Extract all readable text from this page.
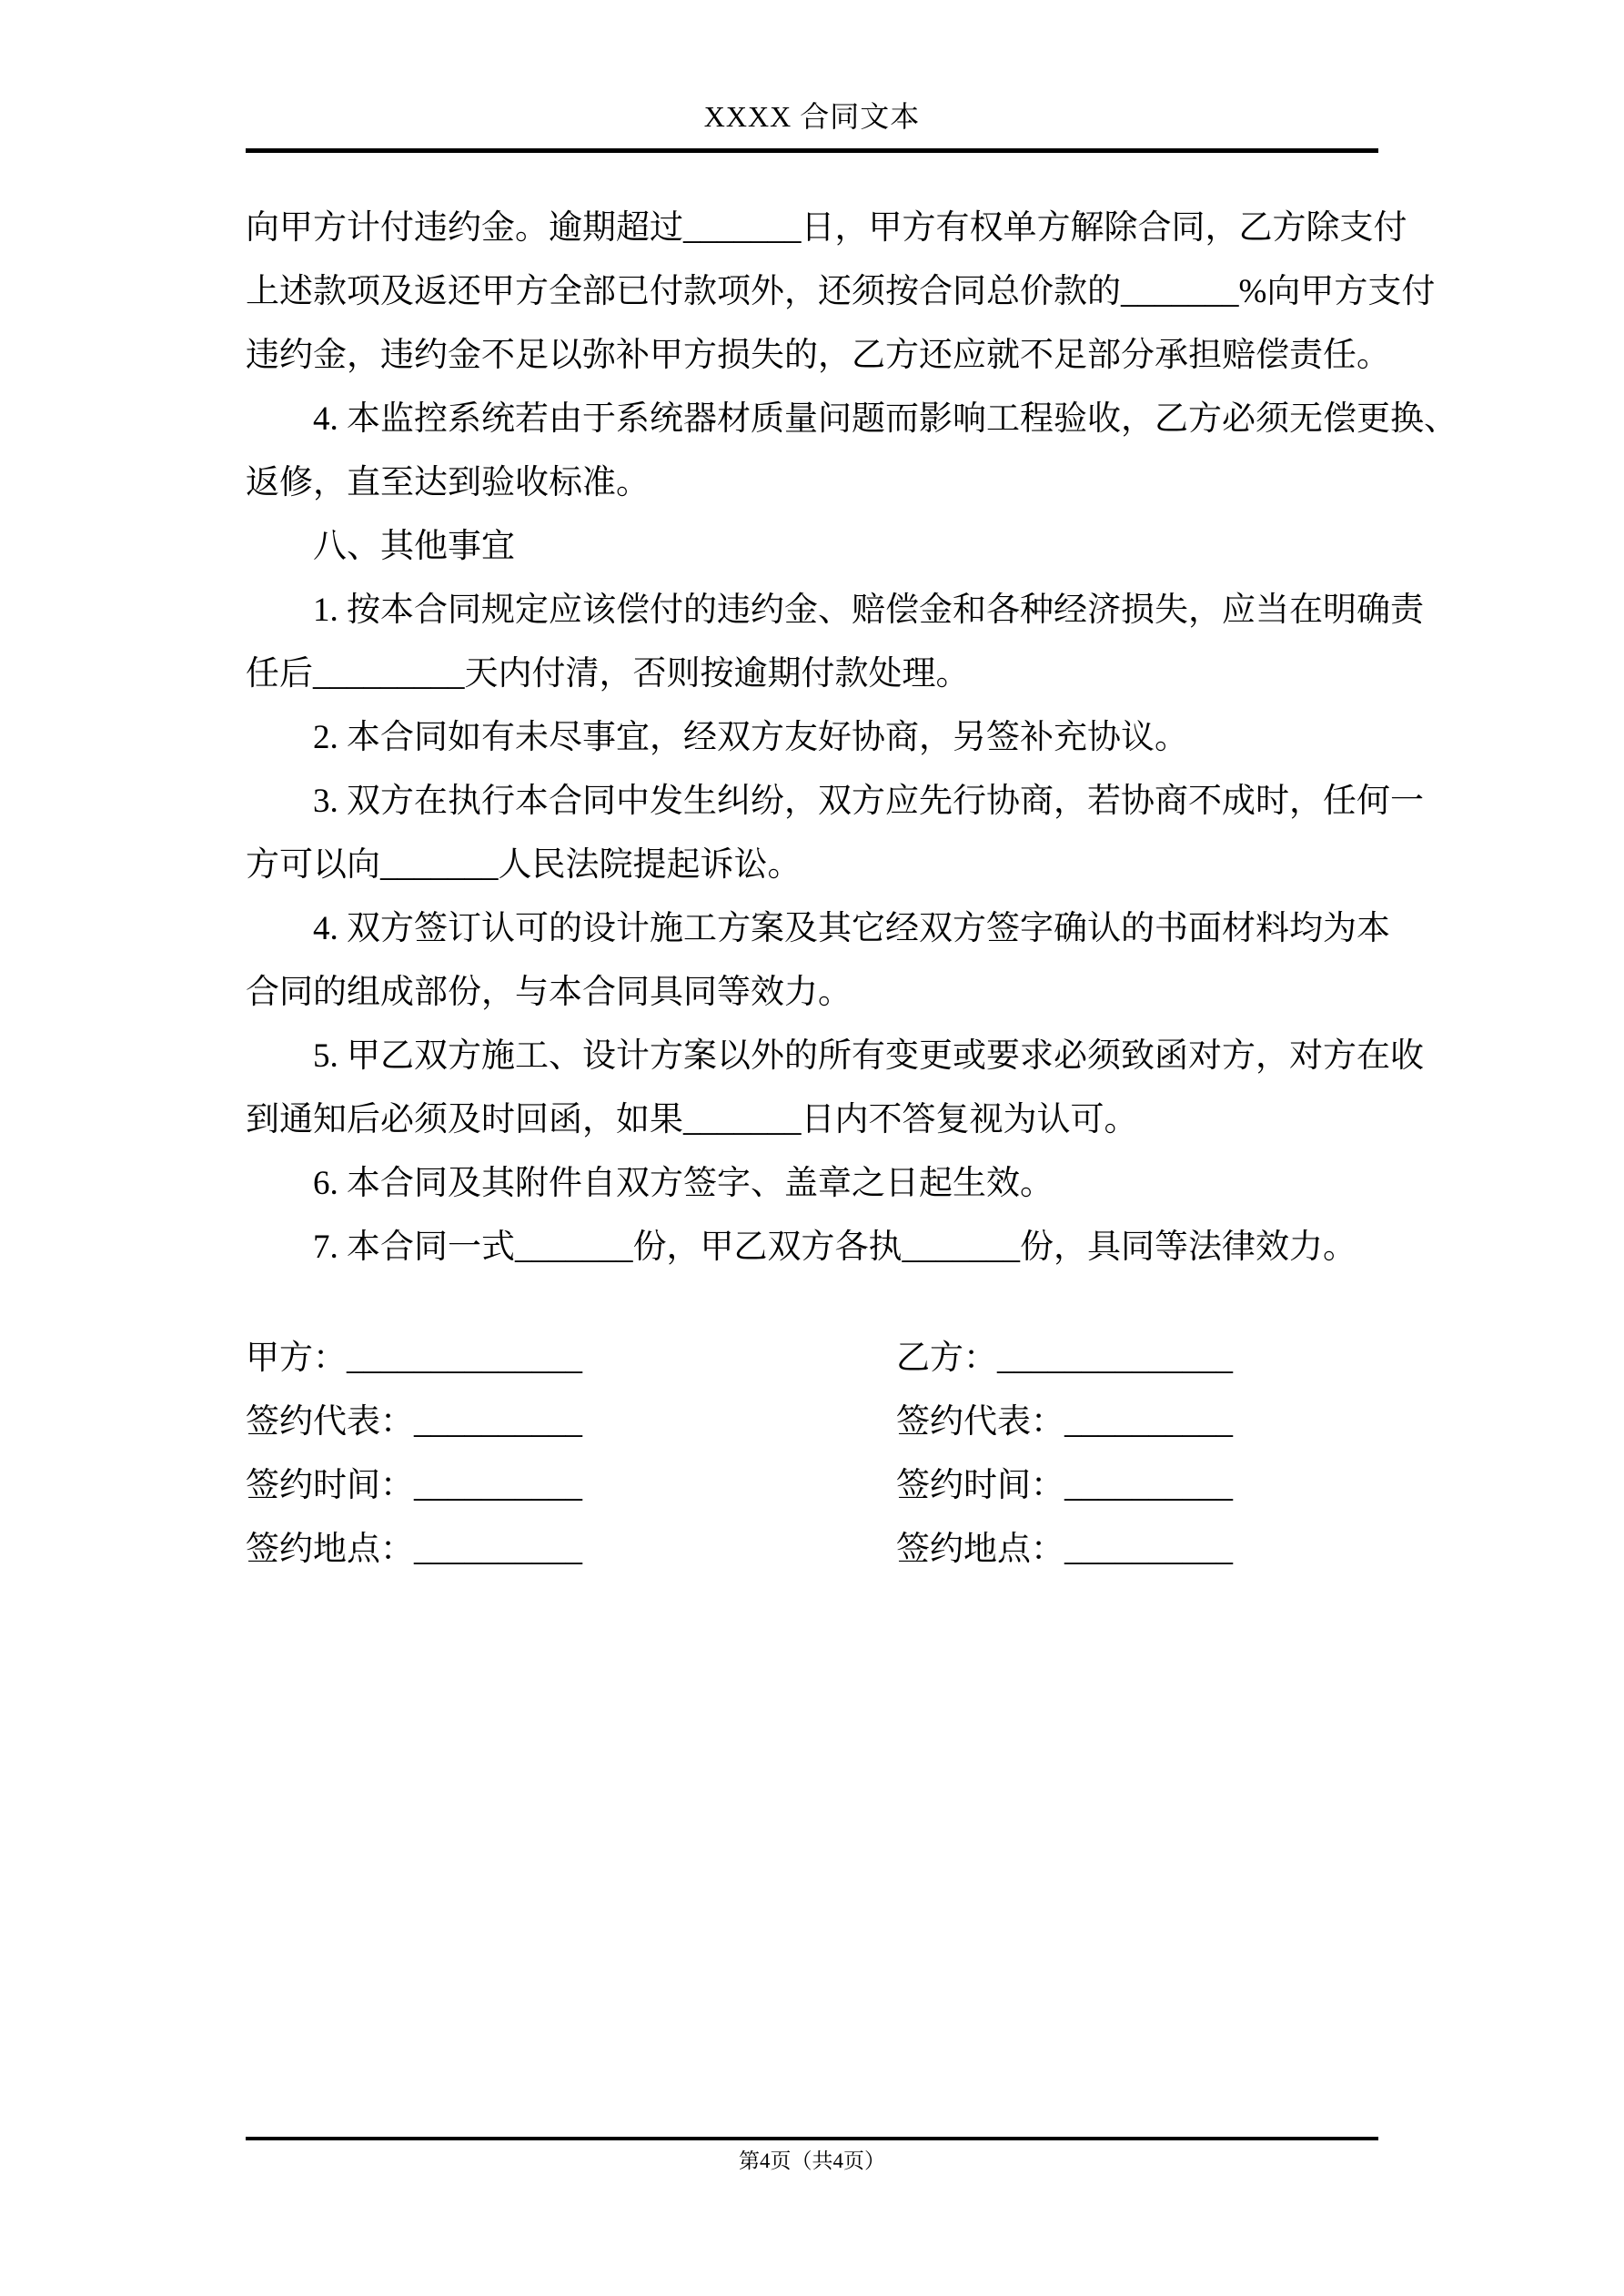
XXXX 合同文本
向甲方计付违约金。逾期超过_______日，甲方有权单方解除合同，乙方除支付
上述款项及返还甲方全部已付款项外，还须按合同总价款的_______%向甲方支付
违约金，违约金不足以弥补甲方损失的，乙方还应就不足部分承担赔偿责任。
4. 本监控系统若由于系统器材质量问题而影响工程验收，乙方必须无偿更换、
返修，直至达到验收标准。
八、其他事宜
1. 按本合同规定应该偿付的违约金、赔偿金和各种经济损失，应当在明确责
任后_________天内付清，否则按逾期付款处理。
2. 本合同如有未尽事宜，经双方友好协商，另签补充协议。
3. 双方在执行本合同中发生纠纷，双方应先行协商，若协商不成时，任何一
方可以向_______人民法院提起诉讼。
4. 双方签订认可的设计施工方案及其它经双方签字确认的书面材料均为本
合同的组成部份，与本合同具同等效力。
5. 甲乙双方施工、设计方案以外的所有变更或要求必须致函对方，对方在收
到通知后必须及时回函，如果_______日内不答复视为认可。
6. 本合同及其附件自双方签字、盖章之日起生效。
7. 本合同一式_______份，甲乙双方各执_______份，具同等法律效力。
甲方：______________	乙方：______________
签约代表：__________	签约代表：__________
签约时间：__________	签约时间：__________
签约地点：__________	签约地点：__________
第4页（共4页）
